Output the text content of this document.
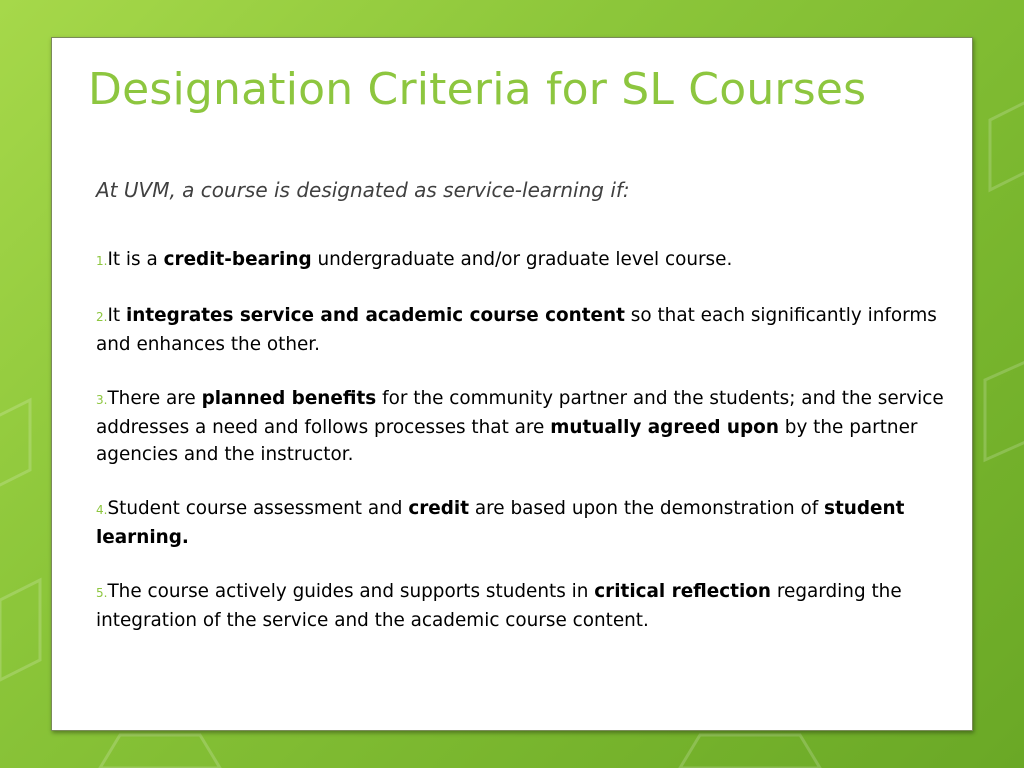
Designation Criteria for SL Courses

At UVM, a course is designated as service-learning if:

1.It is a credit-bearing undergraduate and/or graduate level course.
2.It integrates service and academic course content so that each significantly informs and enhances the other.
3.There are planned benefits for the community partner and the students; and the service addresses a need and follows processes that are mutually agreed upon by the partner agencies and the instructor.
4.Student course assessment and credit are based upon the demonstration of student learning.
5.The course actively guides and supports students in critical reflection regarding the integration of the service and the academic course content.
